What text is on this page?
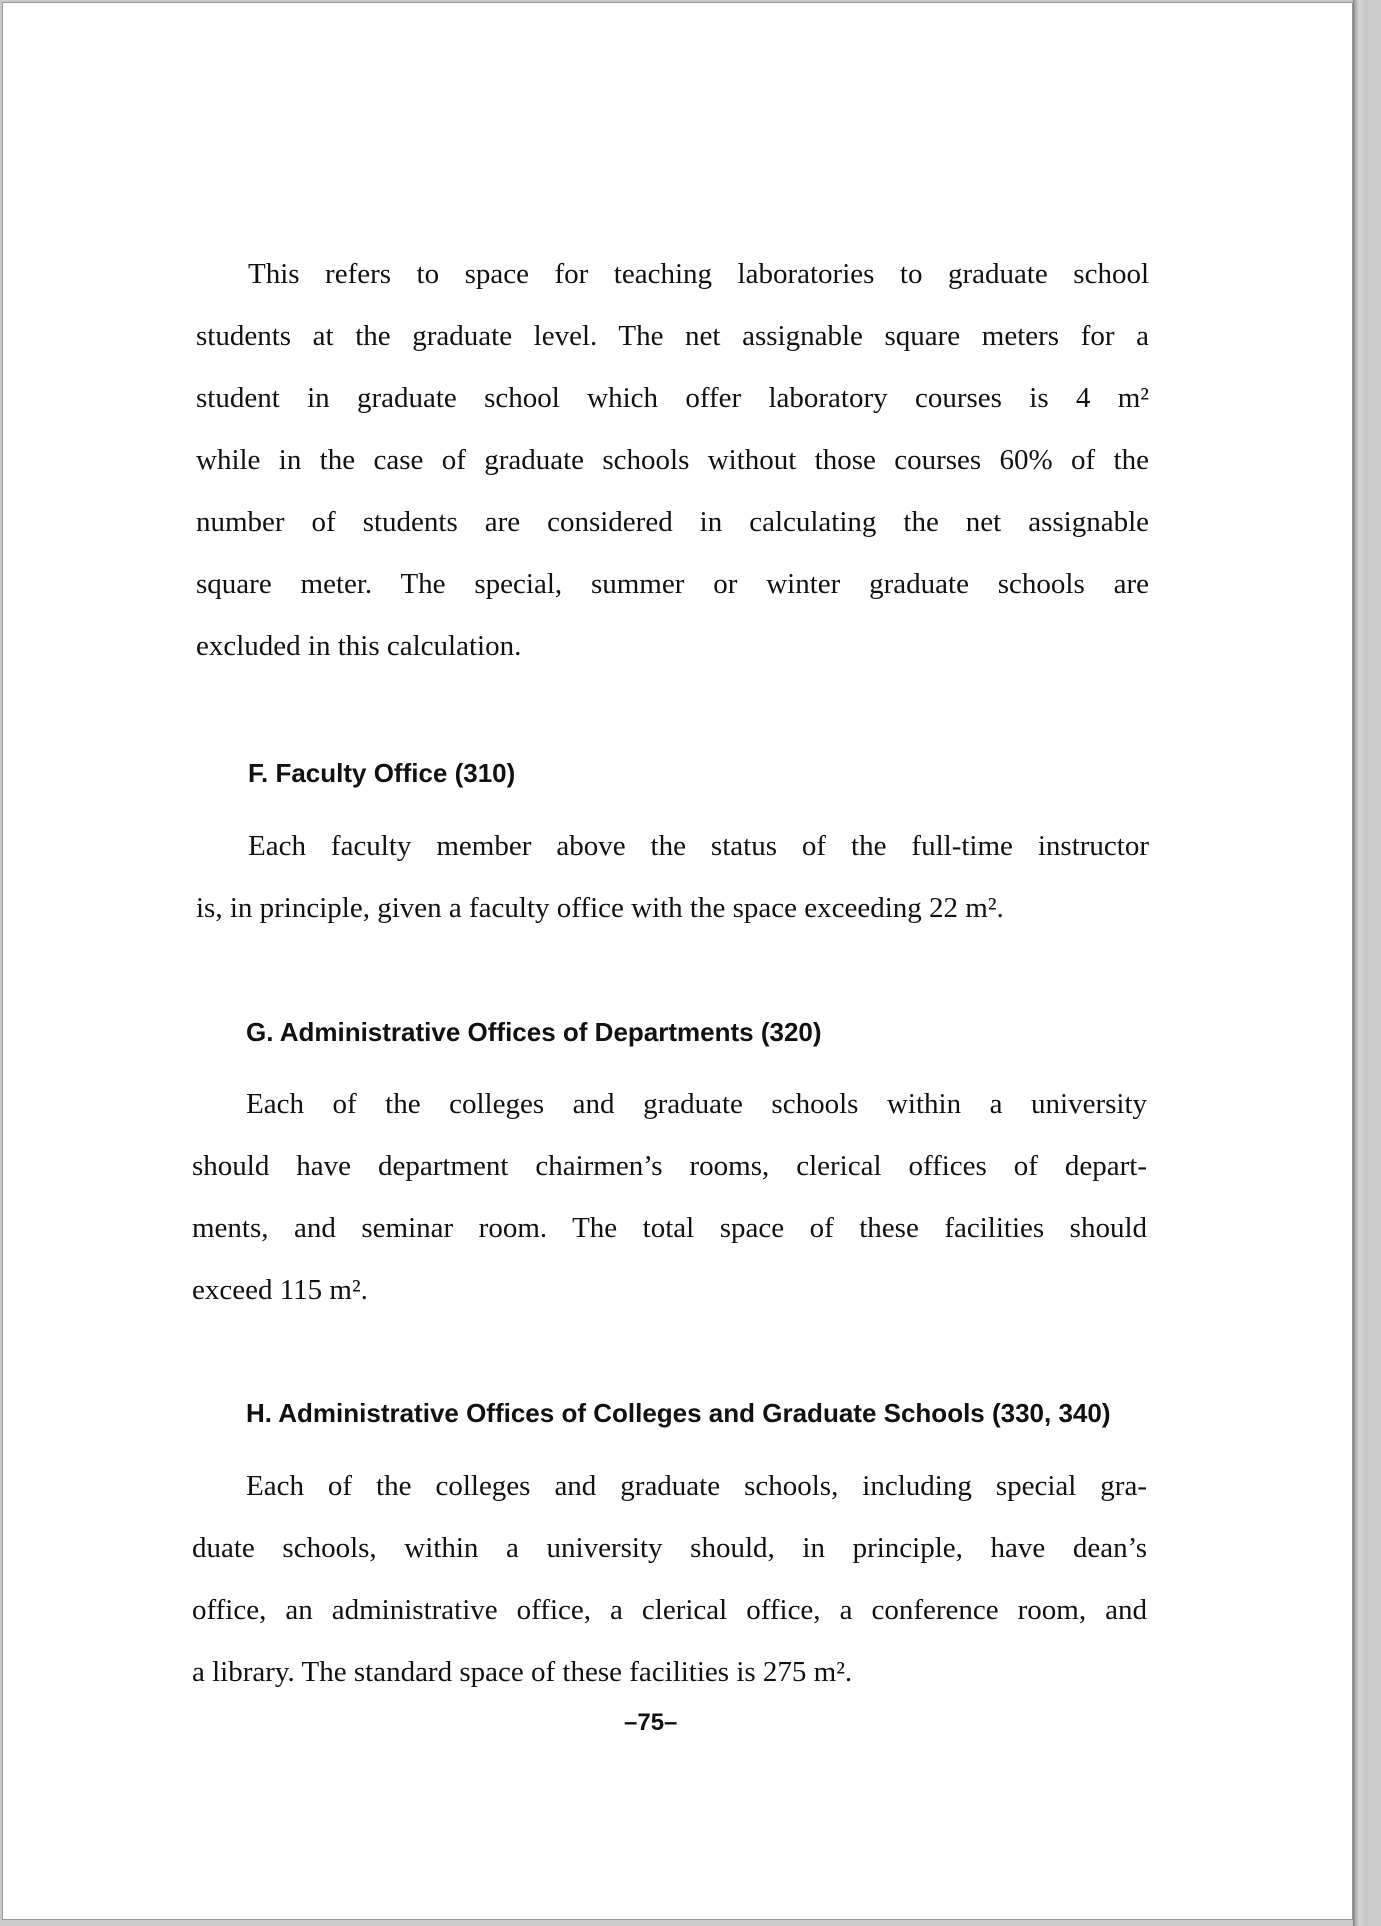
This refers to space for teaching laboratories to graduate school
students at the graduate level. The net assignable square meters for a
student in graduate school which offer laboratory courses is 4 m²
while in the case of graduate schools without those courses 60% of the
number of students are considered in calculating the net assignable
square meter. The special, summer or winter graduate schools are
excluded in this calculation.
F. Faculty Office (310)
Each faculty member above the status of the full-time instructor
is, in principle, given a faculty office with the space exceeding 22 m².
G. Administrative Offices of Departments (320)
Each of the colleges and graduate schools within a university
should have department chairmen’s rooms, clerical offices of depart-
ments, and seminar room. The total space of these facilities should
exceed 115 m².
H. Administrative Offices of Colleges and Graduate Schools (330, 340)
Each of the colleges and graduate schools, including special gra-
duate schools, within a university should, in principle, have dean’s
office, an administrative office, a clerical office, a conference room, and
a library. The standard space of these facilities is 275 m².
–75–
